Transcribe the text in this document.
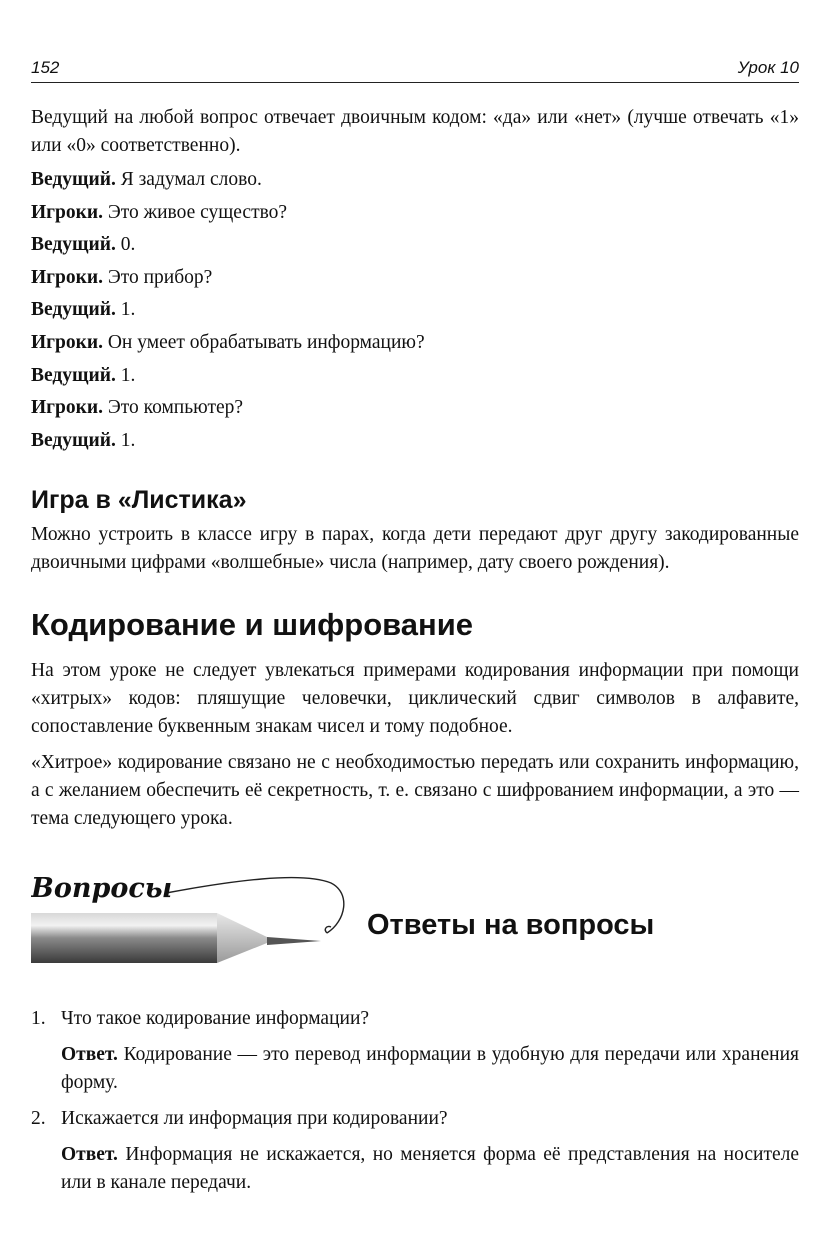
152	Урок 10

Ведущий на любой вопрос отвечает двоичным кодом: «да» или «нет» (лучше отвечать «1» или «0» соответственно).

Ведущий. Я задумал слово.
Игроки. Это живое существо?
Ведущий. 0.
Игроки. Это прибор?
Ведущий. 1.
Игроки. Он умеет обрабатывать информацию?
Ведущий. 1.
Игроки. Это компьютер?
Ведущий. 1.
Игра в «Листика»

Можно устроить в классе игру в парах, когда дети передают друг другу закодированные двоичными цифрами «волшебные» числа (например, дату своего рождения).

Кодирование и шифрование

На этом уроке не следует увлекаться примерами кодирования информации при помощи «хитрых» кодов: пляшущие человечки, циклический сдвиг символов в алфавите, сопоставление буквенным знакам чисел и тому подобное.

«Хитрое» кодирование связано не с необходимостью передать или сохранить информацию, а с желанием обеспечить её секретность, т. е. связано с шифрованием информации, а это — тема следующего урока.

Вопросы
Ответы на вопросы
1. Что такое кодирование информации?

Ответ. Кодирование — это перевод информации в удобную для передачи или хранения форму.

2. Искажается ли информация при кодировании?

Ответ. Информация не искажается, но меняется форма её представления на носителе или в канале передачи.
